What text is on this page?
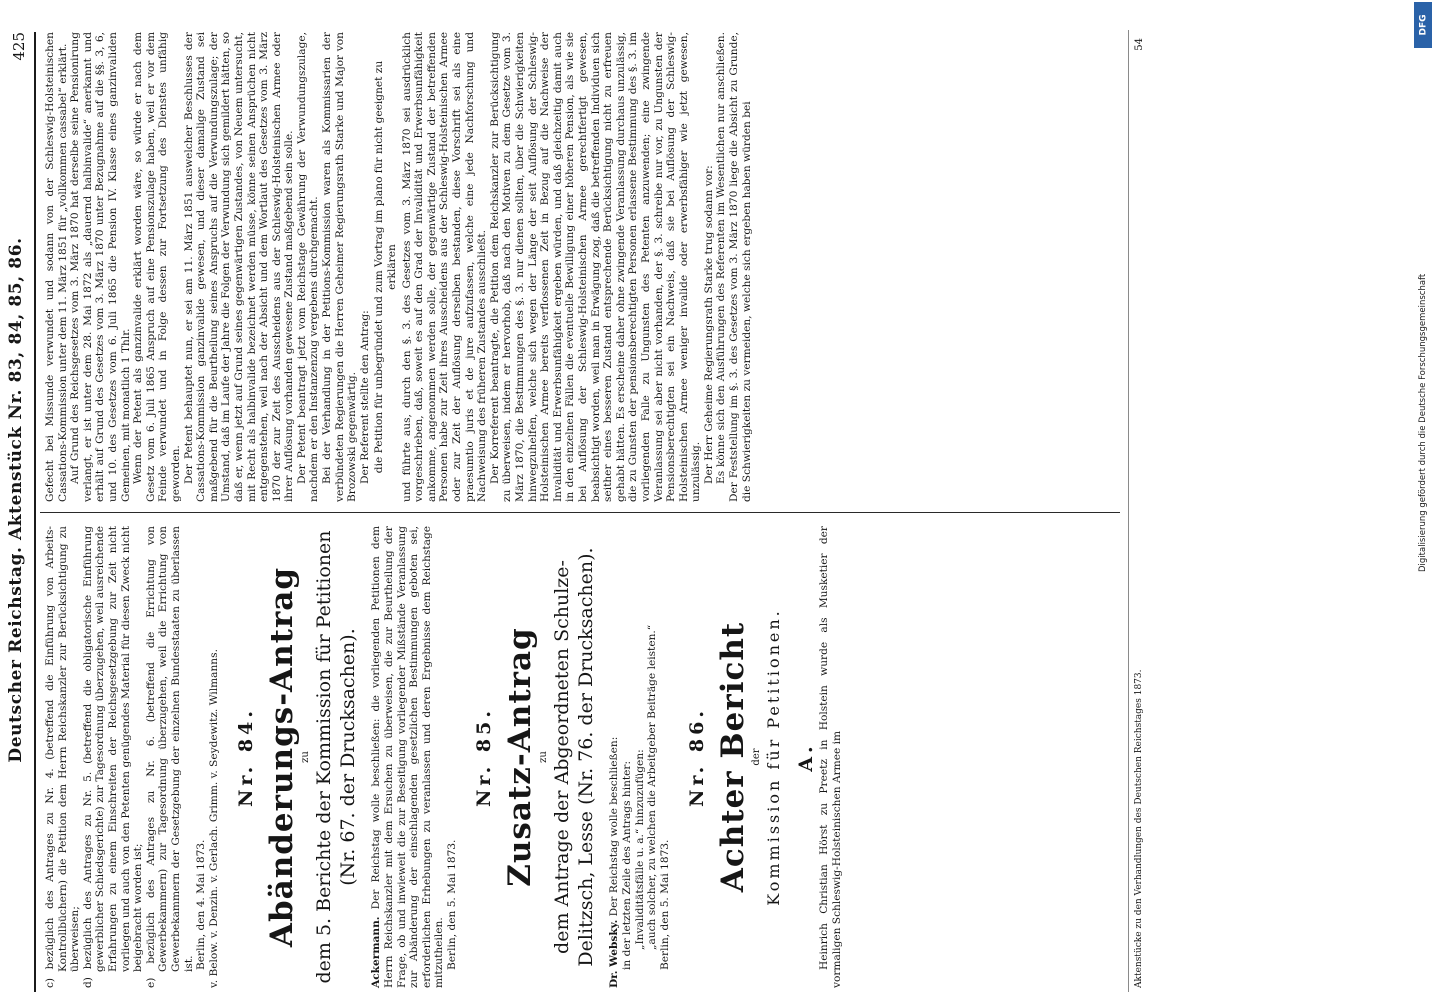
Deutscher Reichstag. Aktenstück Nr. 83, 84, 85, 86.
425

c) bezüglich des Antrages zu Nr. 4. (betreffend die Einführung von Arbeits-Kontrollbüchern) die Petition dem Herrn Reichskanzler zur Berücksichtigung zu überweisen; d) bezüglich des Antrages zu Nr. 5. (betreffend die obligatorische Einführung gewerblicher Schiedsgerichte) zur Tagesordnung überzugehen, weil ausreichende Erfahrungen zu einem Einschreiten der Reichsgesetzgebung zur Zeit nicht vorliegen und auch von den Petenten genügendes Material für diesen Zweck nicht beigebracht worden ist; e) bezüglich des Antrages zu Nr. 6. (betreffend die Errichtung von Gewerbekammern) zur Tagesordnung überzugehen, weil die Errichtung von Gewerbekammern der Gesetzgebung der einzelnen Bundesstaaten zu überlassen ist. Berlin, den 4. Mai 1873. v. Below. v. Denzin. v. Gerlach. Grimm. v. Seydewitz. Wilmanns. Nr. 84. Abänderungs-Antrag zu dem 5. Berichte der Kommission für Petitionen (Nr. 67. der Drucksachen).

Ackermann. Der Reichstag wolle beschließen: die vorliegenden Petitionen dem Herrn Reichskanzler mit dem Ersuchen zu überweisen, die zur Beurtheilung der Frage, ob und inwieweit die zur Beseitigung vorliegender Mißstände Veranlassung zur Abänderung der einschlagenden gesetzlichen Bestimmungen geboten sei, erforderlichen Erhebungen zu veranlassen und deren Ergebnisse dem Reichstage mitzutheilen. Berlin, den 5. Mai 1873.

Nr. 85. Zusatz-Antrag zu dem Antrage der Abgeordneten Schulze-Delitzsch, Lesse (Nr. 76. der Drucksachen). Dr. Websky. Der Reichstag wolle beschließen: in der letzten Zeile des Antrags hinter: „Invaliditätsfälle u. a.“ hinzuzufügen: „auch solcher, zu welchen die Arbeitgeber Beiträge leisten.“ Berlin, den 5. Mai 1873.

Nr. 86. Achter Bericht der Kommission für Petitionen. A. Heinrich Christian Hörst zu Preetz in Holstein wurde als Musketier der vormaligen Schleswig-Holsteinischen Armee im	Aktenstücke zu den Verhandlungen des Deutschen Reichstages 1873.

Gefecht bei Missunde verwundet und sodann von der Schleswig-Holsteinischen Cassations-Kommission unter dem 11. März 1851 für „vollkommen cassabel“ erklärt. Auf Grund des Reichsgesetzes vom 3. März 1870 hat derselbe seine Pensionirung verlangt, er ist unter dem 28. Mai 1872 als „dauernd halbinvalide“ anerkannt und erhält auf Grund des Gesetzes vom 3. März 1870 unter Bezugnahme auf die §§. 3, 6, und 10. des Gesetzes vom 6. Juli 1865 die Pension IV. Klasse eines ganzinvaliden Gemeinen, mit monatlich 1 Thlr. Wenn der Petent als ganzinvalide erklärt worden wäre, so würde er nach dem Gesetz vom 6. Juli 1865 Anspruch auf eine Pensionszulage haben, weil er vor dem Feinde verwundet und in Folge dessen zur Fortsetzung des Dienstes unfähig geworden. Der Petent behauptet nun, er sei am 11. März 1851 auswelcher Beschlusses der Cassations-Kommission ganzinvalide gewesen, und dieser damalige Zustand sei maßgebend für die Beurtheilung seines Anspruchs auf die Verwundungszulage; der Umstand, daß im Laufe der Jahre die Folgen der Verwundung sich gemildert hätten, so daß er, wenn jetzt auf Grund seines gegenwärtigen Zustandes, von Neuem untersucht, mit Recht als halbinvalide bezeichnet werden müsse, könne seinen Ansprüchen nicht entgegenstehen, weil nach der Absicht und dem Wortlaut des Gesetzes vom 3. März 1870 der zur Zeit des Ausscheidens aus der Schleswig-Holsteinischen Armee oder ihrer Auflösung vorhanden gewesene Zustand maßgebend sein solle. Der Petent beantragt jetzt vom Reichstage Gewährung der Verwundungszulage, nachdem er den Instanzenzug vergebens durchgemacht. Bei der Verhandlung in der Petitions-Kommission waren als Kommissarien der verbündeten Regierungen die Herren Geheimer Regierungsrath Starke und Major von Brozowski gegenwärtig. Der Referent stellte den Antrag: die Petition für unbegründet und zum Vortrag im plano für nicht geeignet zu erklären und führte aus, durch den §. 3. des Gesetzes vom 3. März 1870 sei ausdrücklich vorgeschrieben, daß, soweit es auf den Grad der Invalidität und Erwerbsunfähigkeit ankomme, angenommen werden solle, der gegenwärtige Zustand der betreffenden Personen habe zur Zeit ihres Ausscheidens aus der Schleswig-Holsteinischen Armee oder zur Zeit der Auflösung derselben bestanden, diese Vorschrift sei als eine praesumtio juris et de jure aufzufassen, welche eine jede Nachforschung und Nachweisung des früheren Zustandes ausschließt. Der Korreferent beantragte, die Petition dem Reichskanzler zur Berücksichtigung zu überweisen, indem er hervorhob, daß nach den Motiven zu dem Gesetze vom 3. März 1870, die Bestimmungen des §. 3. nur dienen sollten, über die Schwierigkeiten hinwegzuhelfen, welche sich wegen der Länge der seit Auflösung der Schleswig-Holsteinischen Armee bereits verflossenen Zeit in Bezug auf die Nachweise der Invalidität und Erwerbsunfähigkeit ergeben würden, und daß gleichzeitig damit auch in den einzelnen Fällen die eventuelle Bewilligung einer höheren Pension, als wie sie bei Auflösung der Schleswig-Holsteinischen Armee gerechtfertigt gewesen, beabsichtigt worden, weil man in Erwägung zog, daß die betreffenden Individuen sich seither eines besseren Zustand entsprechende Berücksichtigung nicht zu erfreuen gehabt hätten. Es erscheine daher ohne zwingende Veranlassung durchaus unzulässig, die zu Gunsten der pensionsberechtigten Personen erlassene Bestimmung des §. 3. im vorliegenden Falle zu Ungunsten des Petenten anzuwenden; eine zwingende Veranlassung sei aber nicht vorhanden, der §. 3. schreibe nur vor, zu Ungunsten der Pensionsberechtigten sei ein Nachweis, daß sie bei Auflösung der Schleswig-Holsteinischen Armee weniger invalide oder erwerbsfähiger wie jetzt gewesen, unzulässig. Der Herr Geheime Regierungsrath Starke trug sodann vor: Es könne sich den Ausführungen des Referenten im Wesentlichen nur anschließen. Der Feststellung im §. 3. des Gesetzes vom 3. März 1870 liege die Absicht zu Grunde, die Schwierigkeiten zu vermeiden, welche sich ergeben haben würden bei

54
DFG
Digitalisierung gefördert durch die Deutsche Forschungsgemeinschaft
